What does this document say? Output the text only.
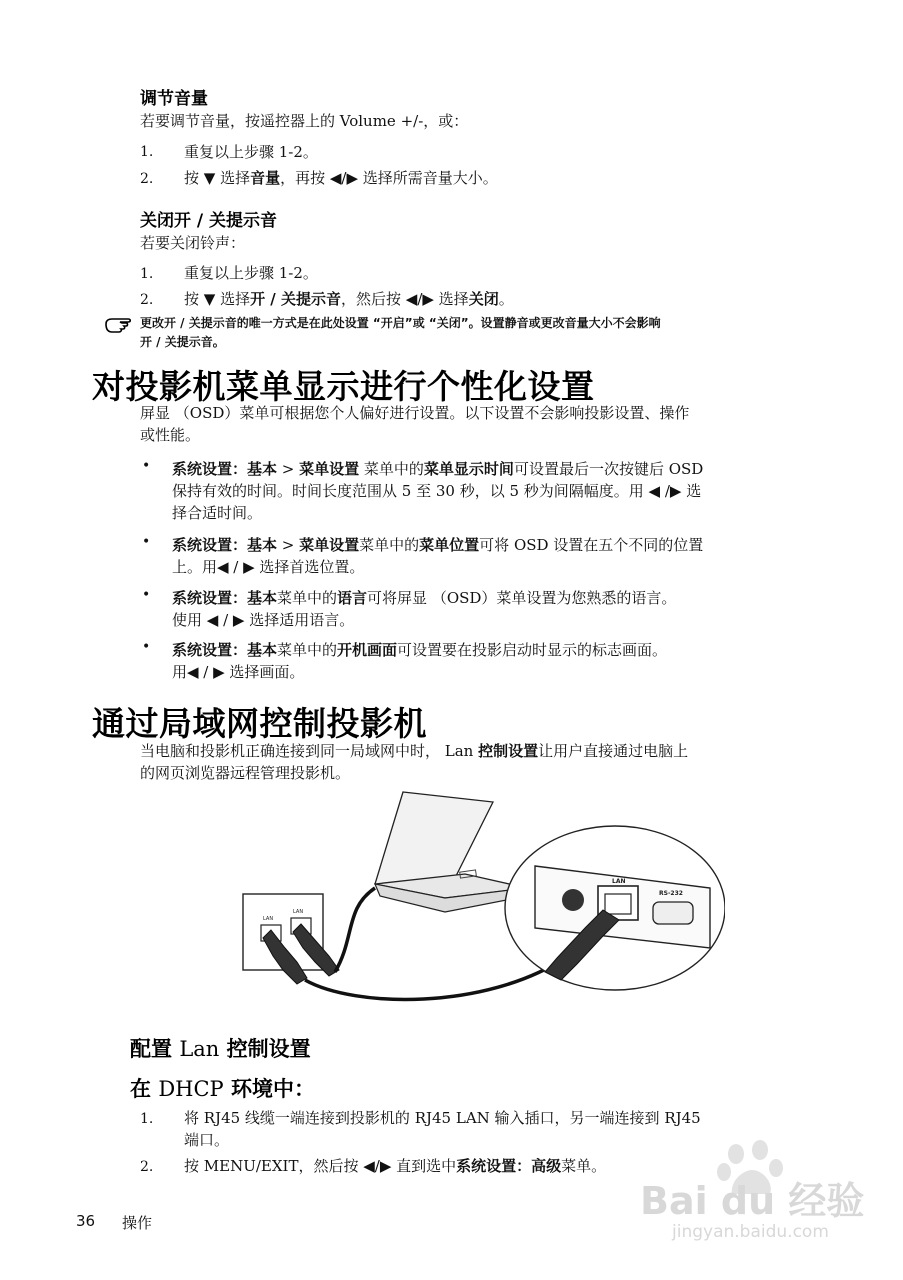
调节音量
若要调节音量，按遥控器上的 Volume +/-，或：
1.	重复以上步骤 1-2。
2.	按 ▼ 选择音量，再按 ◀/▶ 选择所需音量大小。
关闭开 / 关提示音
若要关闭铃声：
1.	重复以上步骤 1-2。
2.	按 ▼ 选择开 / 关提示音，然后按 ◀/▶ 选择关闭。
更改开 / 关提示音的唯一方式是在此处设置 “开启”或 “关闭”。设置静音或更改音量大小不会影响
开 / 关提示音。
对投影机菜单显示进行个性化设置
屏显 （OSD）菜单可根据您个人偏好进行设置。以下设置不会影响投影设置、操作
或性能。
• 系统设置：基本 > 菜单设置 菜单中的菜单显示时间可设置最后一次按键后 OSD
保持有效的时间。时间长度范围从 5 至 30 秒，以 5 秒为间隔幅度。用 ◀ /▶ 选
择合适时间。
• 系统设置：基本 > 菜单设置菜单中的菜单位置可将 OSD 设置在五个不同的位置
上。用◀ / ▶ 选择首选位置。
• 系统设置：基本菜单中的语言可将屏显 （OSD）菜单设置为您熟悉的语言。
使用 ◀ / ▶ 选择适用语言。
• 系统设置：基本菜单中的开机画面可设置要在投影启动时显示的标志画面。
用◀ / ▶ 选择画面。
通过局域网控制投影机
当电脑和投影机正确连接到同一局域网中时， Lan 控制设置让用户直接通过电脑上
的网页浏览器远程管理投影机。
LAN
LAN
LAN
RS-232
配置 Lan 控制设置
在 DHCP 环境中：
1.	将 RJ45 线缆一端连接到投影机的 RJ45 LAN 输入插口，另一端连接到 RJ45
端口。
2.	按 MENU/EXIT，然后按 ◀/▶ 直到选中系统设置：高级菜单。
36 操作	Bai du 经验
jingyan.baidu.com
